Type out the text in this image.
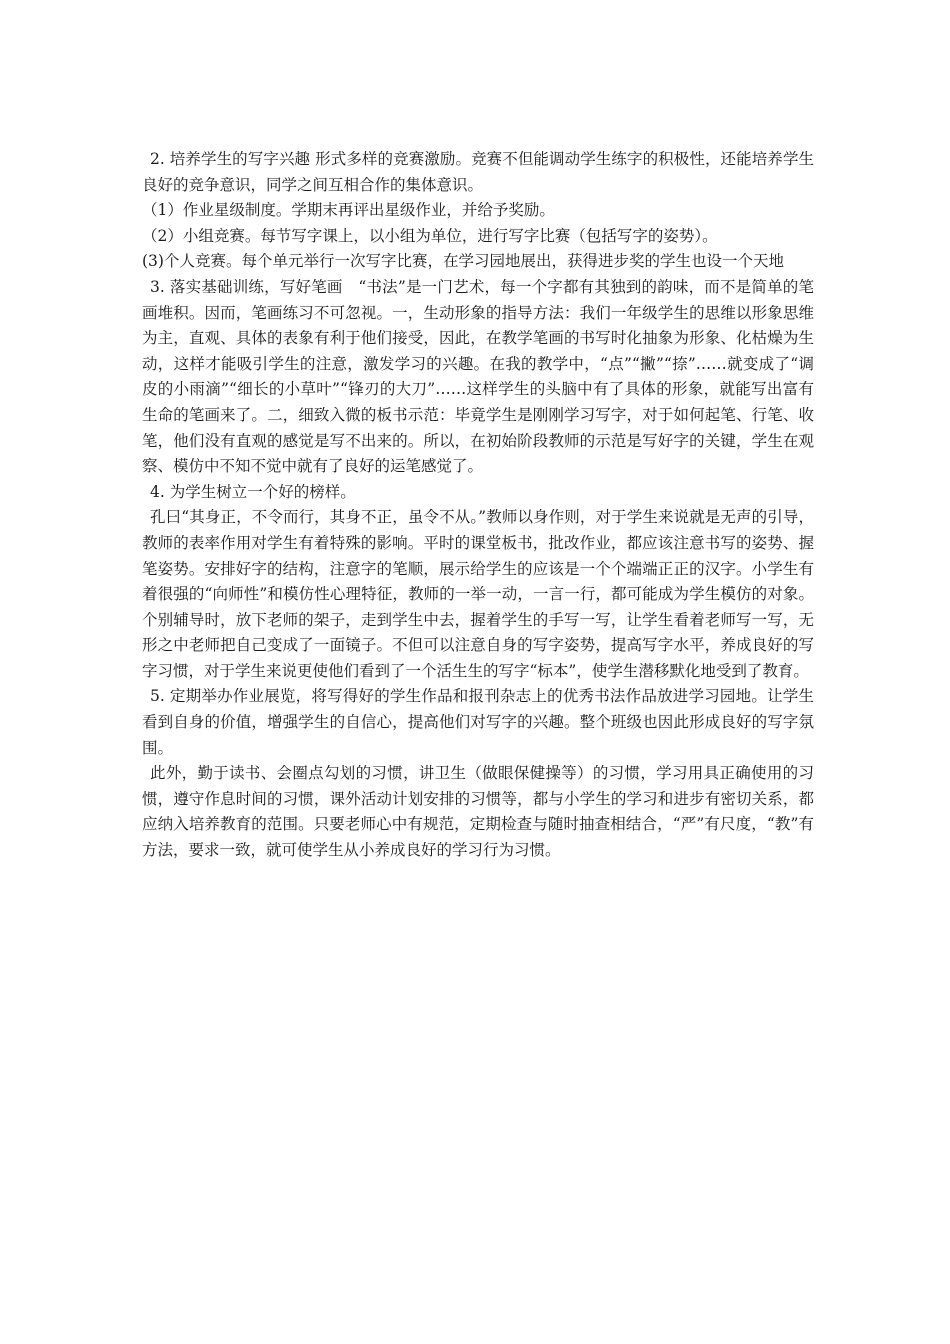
2. 培养学生的写字兴趣 形式多样的竞赛激励。竞赛不但能调动学生练字的积极性，还能培养学生良好的竞争意识，同学之间互相合作的集体意识。

（1）作业星级制度。学期末再评出星级作业，并给予奖励。

（2）小组竞赛。每节写字课上，以小组为单位，进行写字比赛（包括写字的姿势）。

(3)个人竞赛。每个单元举行一次写字比赛，在学习园地展出，获得进步奖的学生也设一个天地

3. 落实基础训练，写好笔画　“书法”是一门艺术，每一个字都有其独到的韵味，而不是简单的笔画堆积。因而，笔画练习不可忽视。一，生动形象的指导方法：我们一年级学生的思维以形象思维为主，直观、具体的表象有利于他们接受，因此，在教学笔画的书写时化抽象为形象、化枯燥为生动，这样才能吸引学生的注意，激发学习的兴趣。在我的教学中，“点”“撇”“捺”……就变成了“调皮的小雨滴”“细长的小草叶”“锋刃的大刀”……这样学生的头脑中有了具体的形象，就能写出富有生命的笔画来了。二，细致入微的板书示范：毕竟学生是刚刚学习写字，对于如何起笔、行笔、收笔，他们没有直观的感觉是写不出来的。所以，在初始阶段教师的示范是写好字的关键，学生在观察、模仿中不知不觉中就有了良好的运笔感觉了。

4. 为学生树立一个好的榜样。

孔曰“其身正，不令而行，其身不正，虽令不从。”教师以身作则，对于学生来说就是无声的引导，教师的表率作用对学生有着特殊的影响。平时的课堂板书，批改作业，都应该注意书写的姿势、握笔姿势。安排好字的结构，注意字的笔顺，展示给学生的应该是一个个端端正正的汉字。小学生有着很强的“向师性”和模仿性心理特征，教师的一举一动，一言一行，都可能成为学生模仿的对象。个别辅导时，放下老师的架子，走到学生中去，握着学生的手写一写，让学生看着老师写一写，无形之中老师把自己变成了一面镜子。不但可以注意自身的写字姿势，提高写字水平，养成良好的写字习惯，对于学生来说更使他们看到了一个活生生的写字“标本”，使学生潜移默化地受到了教育。

5. 定期举办作业展览，将写得好的学生作品和报刊杂志上的优秀书法作品放进学习园地。让学生看到自身的价值，增强学生的自信心，提高他们对写字的兴趣。整个班级也因此形成良好的写字氛围。

此外，勤于读书、会圈点勾划的习惯，讲卫生（做眼保健操等）的习惯，学习用具正确使用的习惯，遵守作息时间的习惯，课外活动计划安排的习惯等，都与小学生的学习和进步有密切关系，都应纳入培养教育的范围。只要老师心中有规范，定期检查与随时抽查相结合，“严”有尺度，“教”有方法，要求一致，就可使学生从小养成良好的学习行为习惯。
